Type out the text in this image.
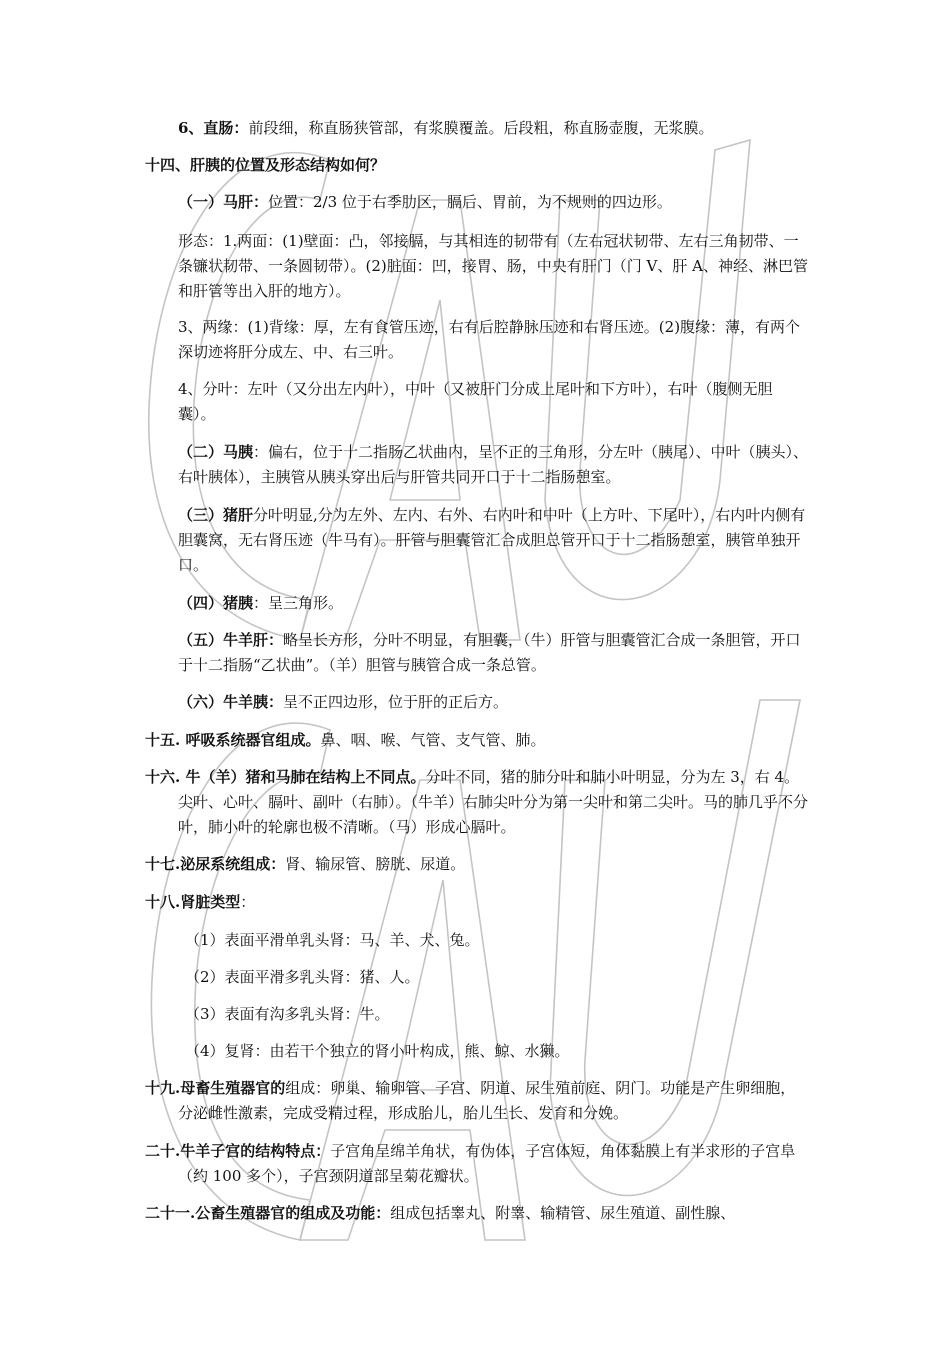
6、直肠：前段细，称直肠狭管部，有浆膜覆盖。后段粗，称直肠壶腹，无浆膜。

十四、肝胰的位置及形态结构如何？

（一）马肝：位置：2/3 位于右季肋区，膈后、胃前，为不规则的四边形。

形态：1.两面：(1)壁面：凸，邻接膈，与其相连的韧带有（左右冠状韧带、左右三角韧带、一条镰状韧带、一条圆韧带）。(2)脏面：凹，接胃、肠，中央有肝门（门 V、肝 A、神经、淋巴管和肝管等出入肝的地方）。

3、两缘：(1)背缘：厚，左有食管压迹，右有后腔静脉压迹和右肾压迹。(2)腹缘：薄，有两个深切迹将肝分成左、中、右三叶。

4、分叶：左叶（又分出左内叶），中叶（又被肝门分成上尾叶和下方叶），右叶（腹侧无胆囊）。

（二）马胰：偏右，位于十二指肠乙状曲内，呈不正的三角形，分左叶（胰尾）、中叶（胰头）、右叶胰体），主胰管从胰头穿出后与肝管共同开口于十二指肠憩室。

（三）猪肝分叶明显,分为左外、左内、右外、右内叶和中叶（上方叶、下尾叶），右内叶内侧有胆囊窝，无右肾压迹（牛马有）。肝管与胆囊管汇合成胆总管开口于十二指肠憩室，胰管单独开口。

（四）猪胰：呈三角形。

（五）牛羊肝：略呈长方形，分叶不明显，有胆囊，（牛）肝管与胆囊管汇合成一条胆管，开口于十二指肠“乙状曲”。（羊）胆管与胰管合成一条总管。

（六）牛羊胰：呈不正四边形，位于肝的正后方。

十五. 呼吸系统器官组成。鼻、咽、喉、气管、支气管、肺。

十六. 牛（羊）猪和马肺在结构上不同点。分叶不同，猪的肺分叶和肺小叶明显，分为左 3，右 4。尖叶、心叶、膈叶、副叶（右肺）。（牛羊）右肺尖叶分为第一尖叶和第二尖叶。马的肺几乎不分叶，肺小叶的轮廓也极不清晰。（马）形成心膈叶。

十七.泌尿系统组成：肾、输尿管、膀胱、尿道。

十八.肾脏类型：

（1）表面平滑单乳头肾：马、羊、犬、兔。

（2）表面平滑多乳头肾：猪、人。

（3）表面有沟多乳头肾：牛。

（4）复肾：由若干个独立的肾小叶构成，熊、鲸、水獭。

十九.母畜生殖器官的组成：卵巢、输卵管、子宫、阴道、尿生殖前庭、阴门。功能是产生卵细胞，分泌雌性激素，完成受精过程，形成胎儿，胎儿生长、发育和分娩。

二十.牛羊子宫的结构特点：子宫角呈绵羊角状，有伪体，子宫体短，角体黏膜上有半求形的子宫阜（约 100 多个），子宫颈阴道部呈菊花瓣状。

二十一.公畜生殖器官的组成及功能：组成包括睾丸、附睾、输精管、尿生殖道、副性腺、
